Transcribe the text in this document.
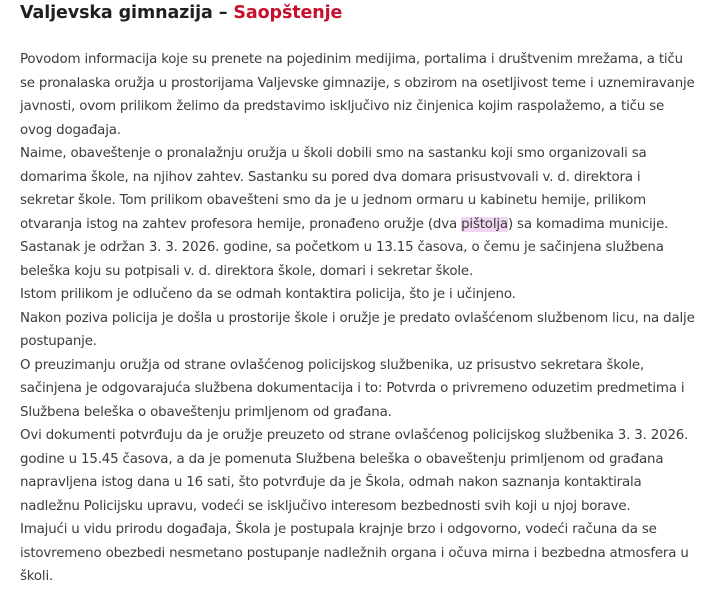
Valjevska gimnazija – Saopštenje

Povodom informacija koje su prenete na pojedinim medijima, portalima i društvenim mrežama, a tiču se pronalaska oružja u prostorijama Valjevske gimnazije, s obzirom na osetljivost teme i uznemiravanje javnosti, ovom prilikom želimo da predstavimo isključivo niz činjenica kojim raspolažemo, a tiču se ovog događaja.

Naime, obaveštenje o pronalažnju oružja u školi dobili smo na sastanku koji smo organizovali sa domarima škole, na njihov zahtev. Sastanku su pored dva domara prisustvovali v. d. direktora i sekretar škole. Tom prilikom obavešteni smo da je u jednom ormaru u kabinetu hemije, prilikom otvaranja istog na zahtev profesora hemije, pronađeno oružje (dva pištolja) sa komadima municije.

Sastanak je održan 3. 3. 2026. godine, sa početkom u 13.15 časova, o čemu je sačinjena službena beleška koju su potpisali v. d. direktora škole, domari i sekretar škole.

Istom prilikom je odlučeno da se odmah kontaktira policija, što je i učinjeno.

Nakon poziva policija je došla u prostorije škole i oružje je predato ovlašćenom službenom licu, na dalje postupanje.

O preuzimanju oružja od strane ovlašćenog policijskog službenika, uz prisustvo sekretara škole, sačinjena je odgovarajuća službena dokumentacija i to: Potvrda o privremeno oduzetim predmetima i Službena beleška o obaveštenju primljenom od građana.

Ovi dokumenti potvrđuju da je oružje preuzeto od strane ovlašćenog policijskog službenika 3. 3. 2026. godine u 15.45 časova, a da je pomenuta Službena beleška o obaveštenju primljenom od građana napravljena istog dana u 16 sati, što potvrđuje da je Škola, odmah nakon saznanja kontaktirala nadležnu Policijsku upravu, vodeći se isključivo interesom bezbednosti svih koji u njoj borave.

Imajući u vidu prirodu događaja, Škola je postupala krajnje brzo i odgovorno, vodeći računa da se istovremeno obezbedi nesmetano postupanje nadležnih organa i očuva mirna i bezbedna atmosfera u školi.
